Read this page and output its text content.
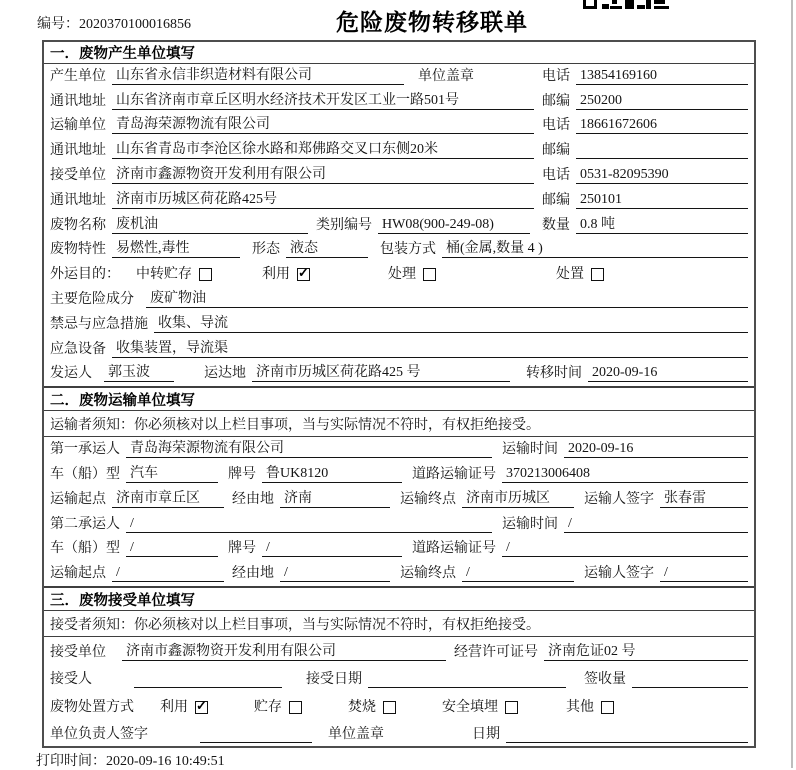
编号：2020370100016856	危险废物转移联单
一．废物产生单位填写
产生单位 山东省永信非织造材料有限公司	单位盖章	电话 13854169160
通讯地址 山东省济南市章丘区明水经济技术开发区工业一路501号	邮编 250200
运输单位 青岛海荣源物流有限公司	电话 18661672606
通讯地址 山东省青岛市李沧区徐水路和郑佛路交叉口东侧20米	邮编
接受单位 济南市鑫源物资开发利用有限公司	电话 0531-82095390
通讯地址 济南市历城区荷花路425号	邮编 250101
废物名称 废机油	类别编号 HW08(900-249-08)	数量 0.8 吨
废物特性 易燃性,毒性	形态 液态	包装方式 桶(金属,数量 4 )
外运目的： 中转贮存	利用 ✓	处理	处置
主要危险成分 废矿物油
禁忌与应急措施 收集、导流
应急设备 收集装置，导流渠
发运人 郭玉波	运达地 济南市历城区荷花路425 号	转移时间 2020-09-16
二．废物运输单位填写
运输者须知：你必须核对以上栏目事项，当与实际情况不符时，有权拒绝接受。
第一承运人 青岛海荣源物流有限公司	运输时间 2020-09-16
车（船）型 汽车	牌号 鲁UK8120	道路运输证号 370213006408
运输起点 济南市章丘区	经由地 济南	运输终点 济南市历城区	运输人签字 张春雷
第二承运人 /	运输时间 /
车（船）型 /	牌号 /	道路运输证号 /
运输起点 /	经由地 /	运输终点 /	运输人签字 /
三．废物接受单位填写
接受者须知：你必须核对以上栏目事项，当与实际情况不符时，有权拒绝接受。
接受单位 济南市鑫源物资开发利用有限公司	经营许可证号 济南危证02 号
接受人	接受日期	签收量
废物处置方式 利用 ✓	贮存	焚烧	安全填埋	其他
单位负责人签字	单位盖章	日期
打印时间：2020-09-16 10:49:51
